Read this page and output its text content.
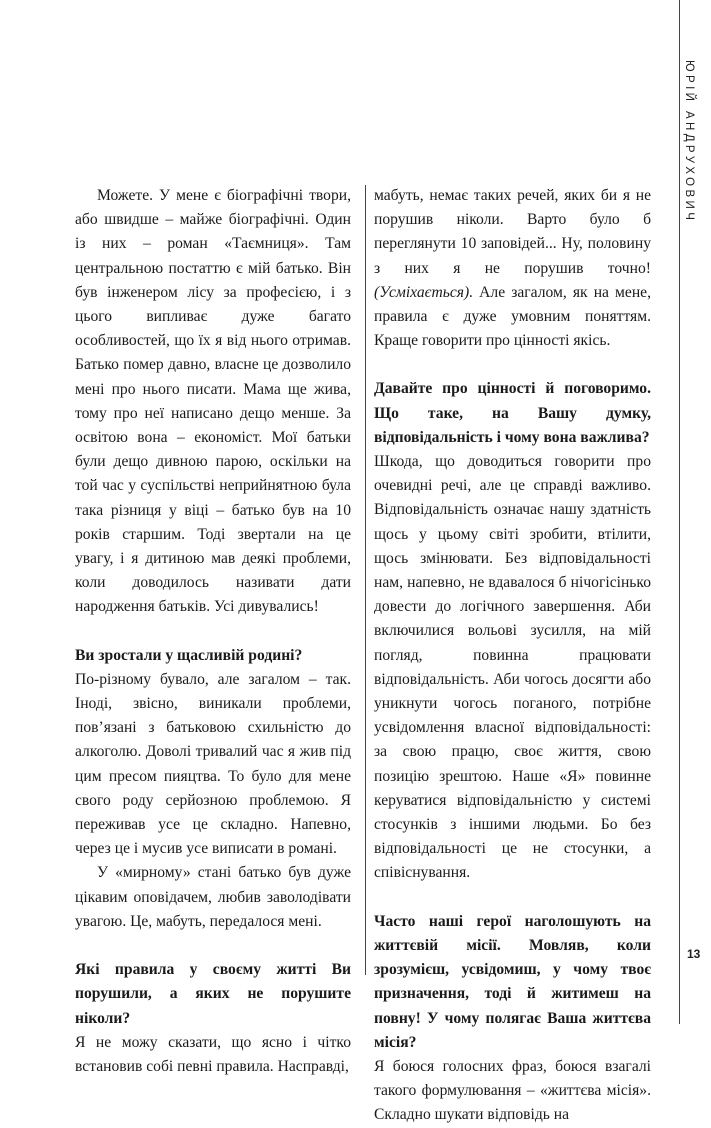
ЮРІЙ АНДРУХОВИЧ
13

Можете. У мене є біографічні твори, або швидше – майже біографічні. Один із них – роман «Таємниця». Там центральною постаттю є мій батько. Він був інженером лісу за професією, і з цього випливає дуже багато особливостей, що їх я від нього отримав. Батько помер давно, власне це дозволило мені про нього писати. Мама ще жива, тому про неї написано дещо менше. За освітою вона – економіст. Мої батьки були дещо дивною парою, оскільки на той час у суспільстві неприйнятною була така різниця у віці – батько був на 10 років старшим. Тоді звертали на це увагу, і я дитиною мав деякі проблеми, коли доводилось називати дати народження батьків. Усі дивувались!

Ви зростали у щасливій родині?

По-різному бувало, але загалом – так. Іноді, звісно, виникали проблеми, пов’язані з батьковою схильністю до алкоголю. Доволі тривалий час я жив під цим пресом пияцтва. То було для мене свого роду серйозною проблемою. Я переживав усе це складно. Напевно, через це і мусив усе виписати в романі.

У «мирному» стані батько був дуже цікавим оповідачем, любив заволодівати увагою. Це, мабуть, передалося мені.

Які правила у своєму житті Ви порушили, а яких не порушите ніколи?

Я не можу сказати, що ясно і чітко встановив собі певні правила. Насправді,

мабуть, немає таких речей, яких би я не порушив ніколи. Варто було б переглянути 10 заповідей... Ну, половину з них я не порушив точно! (Усміхається). Але загалом, як на мене, правила є дуже умовним поняттям. Краще говорити про цінності якісь.

Давайте про цінності й поговоримо. Що таке, на Вашу думку, відповідальність і чому вона важлива?

Шкода, що доводиться говорити про очевидні речі, але це справді важливо. Відповідальність означає нашу здатність щось у цьому світі зробити, втілити, щось змінювати. Без відповідальності нам, напевно, не вдавалося б нічогісінько довести до логічного завершення. Аби включилися вольові зусилля, на мій погляд, повинна працювати відповідальність. Аби чогось досягти або уникнути чогось поганого, потрібне усвідомлення власної відповідальності: за свою працю, своє життя, свою позицію зрештою. Наше «Я» повинне керуватися відповідальністю у системі стосунків з іншими людьми. Бо без відповідальності це не стосунки, а співіснування.

Часто наші герої наголошують на життєвій місії. Мовляв, коли зрозумієш, усвідомиш, у чому твоє призначення, тоді й житимеш на повну! У чому полягає Ваша життєва місія?

Я боюся голосних фраз, боюся взагалі такого формулювання – «життєва місія». Складно шукати відповідь на
